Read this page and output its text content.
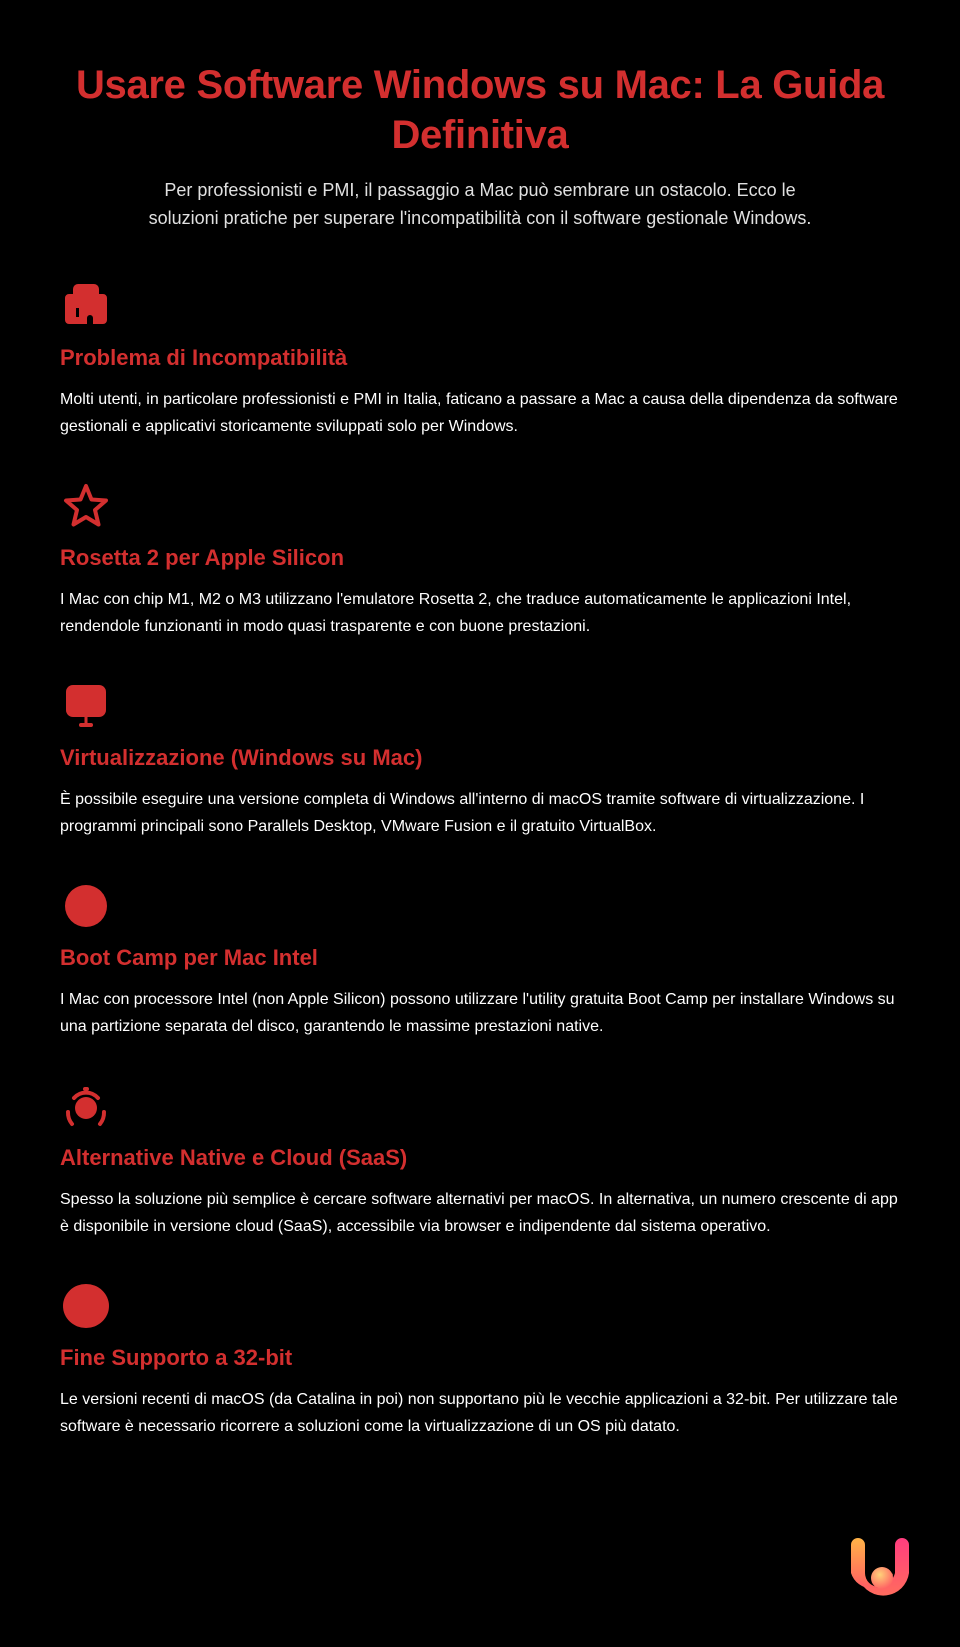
Usare Software Windows su Mac: La Guida Definitiva

Per professionisti e PMI, il passaggio a Mac può sembrare un ostacolo. Ecco le soluzioni pratiche per superare l'incompatibilità con il software gestionale Windows.

Problema di Incompatibilità

Molti utenti, in particolare professionisti e PMI in Italia, faticano a passare a Mac a causa della dipendenza da software gestionali e applicativi storicamente sviluppati solo per Windows.

Rosetta 2 per Apple Silicon

I Mac con chip M1, M2 o M3 utilizzano l'emulatore Rosetta 2, che traduce automaticamente le applicazioni Intel, rendendole funzionanti in modo quasi trasparente e con buone prestazioni.

Virtualizzazione (Windows su Mac)

È possibile eseguire una versione completa di Windows all'interno di macOS tramite software di virtualizzazione. I programmi principali sono Parallels Desktop, VMware Fusion e il gratuito VirtualBox.

Boot Camp per Mac Intel

I Mac con processore Intel (non Apple Silicon) possono utilizzare l'utility gratuita Boot Camp per installare Windows su una partizione separata del disco, garantendo le massime prestazioni native.

Alternative Native e Cloud (SaaS)

Spesso la soluzione più semplice è cercare software alternativi per macOS. In alternativa, un numero crescente di app è disponibile in versione cloud (SaaS), accessibile via browser e indipendente dal sistema operativo.

Fine Supporto a 32-bit

Le versioni recenti di macOS (da Catalina in poi) non supportano più le vecchie applicazioni a 32-bit. Per utilizzare tale software è necessario ricorrere a soluzioni come la virtualizzazione di un OS più datato.
